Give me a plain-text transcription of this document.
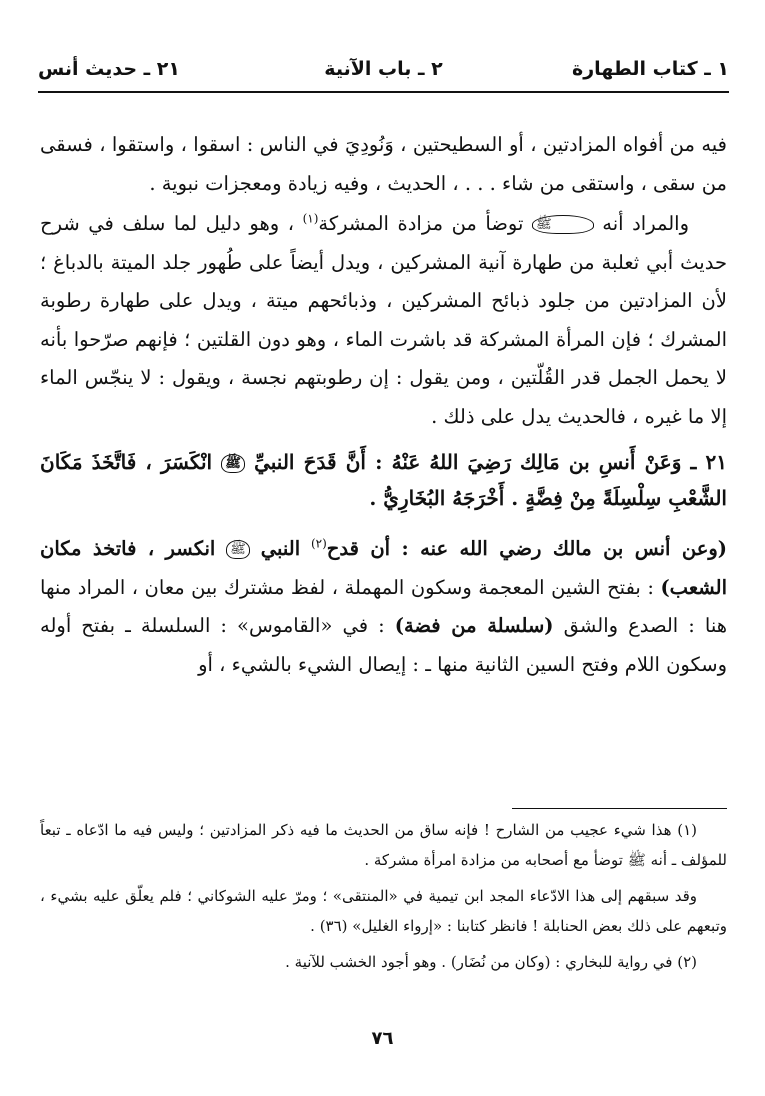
١ ـ كتاب الطهارة
٢ ـ باب الآنية
٢١ ـ حديث أنس

فيه من أفواه المزادتين ، أو السطيحتين ، وَنُودِيَ في الناس : اسقوا ، واستقوا ، فسقى من سقى ، واستقى من شاء . . . ، الحديث ، وفيه زيادة ومعجزات نبوية .

والمراد أنه ﷺ توضأ من مزادة المشركة$^{(١)}$ ، وهو دليل لما سلف في شرح حديث أبي ثعلبة من طهارة آنية المشركين ، ويدل أيضاً على طُهور جلد الميتة بالدباغ ؛ لأن المزادتين من جلود ذبائح المشركين ، وذبائحهم ميتة ، ويدل على طهارة رطوبة المشرك ؛ فإن المرأة المشركة قد باشرت الماء ، وهو دون القلتين ؛ فإنهم صرّحوا بأنه لا يحمل الجمل قدر القُلّتين ، ومن يقول : إن رطوبتهم نجسة ، ويقول : لا ينجّس الماء إلا ما غيره ، فالحديث يدل على ذلك .

٢١ ـ وَعَنْ أَنسِ بن مَالِك رَضِيَ اللهُ عَنْهُ : أَنَّ قَدَحَ النبيِّ ﷺ انْكَسَرَ ، فَاتَّخَذَ مَكَانَ الشَّعْبِ سِلْسِلَةً مِنْ فِضَّةٍ . أَخْرَجَهُ البُخَارِيُّ .

(وعن أنس بن مالك رضي الله عنه : أن قدح$^{(٢)}$ النبي ﷺ انكسر ، فاتخذ مكان الشعب) : بفتح الشين المعجمة وسكون المهملة ، لفظ مشترك بين معان ، المراد منها هنا : الصدع والشق (سلسلة من فضة) : في «القاموس» : السلسلة ـ بفتح أوله وسكون اللام وفتح السين الثانية منها ـ : إيصال الشيء بالشيء ، أو

(١) هذا شيء عجيب من الشارح ! فإنه ساق من الحديث ما فيه ذكر المزادتين ؛ وليس فيه ما ادّعاه ـ تبعاً للمؤلف ـ أنه ﷺ توضأ مع أصحابه من مزادة امرأة مشركة .

وقد سبقهم إلى هذا الادّعاء المجد ابن تيمية في «المنتقى» ؛ ومرّ عليه الشوكاني ؛ فلم يعلّق عليه بشيء ، وتبعهم على ذلك بعض الحنابلة ! فانظر كتابنا : «إرواء الغليل» (٣٦) .

(٢) في رواية للبخاري : (وكان من نُضَار) . وهو أجود الخشب للآنية .

٧٦
